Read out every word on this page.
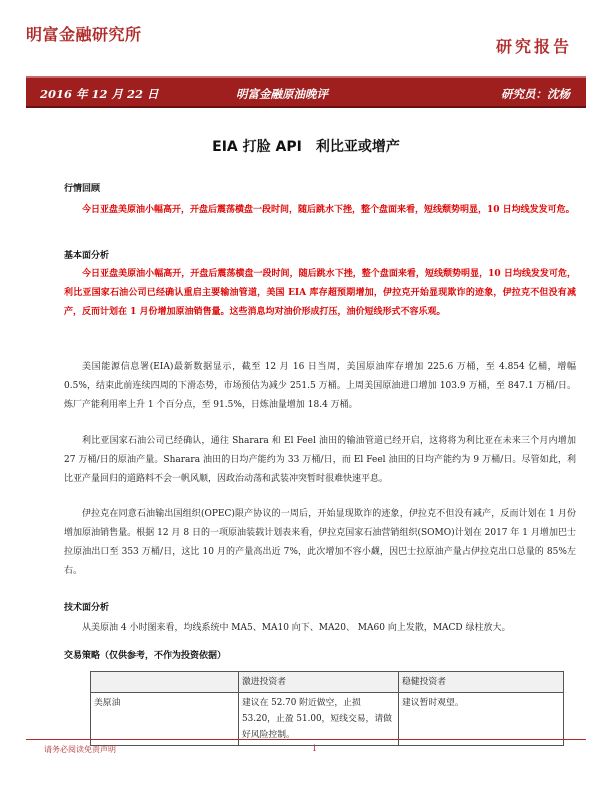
明富金融研究所
研究报告
2016 年 12 月 22 日	明富金融原油晚评	研究员：沈杨
EIA 打脸 API　利比亚或增产
行情回顾
今日亚盘美原油小幅高开，开盘后震荡横盘一段时间，随后跳水下挫，整个盘面来看，短线颓势明显，10 日均线发发可危。
基本面分析
今日亚盘美原油小幅高开，开盘后震荡横盘一段时间，随后跳水下挫，整个盘面来看，短线颓势明显，10 日均线发发可危，利比亚国家石油公司已经确认重启主要输油管道，美国 EIA 库存超预期增加，伊拉克开始显现欺诈的迹象，伊拉克不但没有减产，反而计划在 1 月份增加原油销售量。这些消息均对油价形成打压，油价短线形式不容乐观。
美国能源信息署(EIA)最新数据显示，截至 12 月 16 日当周，美国原油库存增加 225.6 万桶，至 4.854 亿桶，增幅 0.5%，结束此前连续四周的下滑态势，市场预估为减少 251.5 万桶。上周美国原油进口增加 103.9 万桶，至 847.1 万桶/日。炼厂产能利用率上升 1 个百分点，至 91.5%，日炼油量增加 18.4 万桶。
利比亚国家石油公司已经确认，通往 Sharara 和 El Feel 油田的输油管道已经开启，这将将为利比亚在未来三个月内增加 27 万桶/日的原油产量。Sharara 油田的日均产能约为 33 万桶/日，而 El Feel 油田的日均产能约为 9 万桶/日。尽管如此，利比亚产量回归的道路料不会一帆风顺，因政治动荡和武装冲突暂时很难快速平息。
伊拉克在同意石油输出国组织(OPEC)限产协议的一周后，开始显现欺诈的迹象，伊拉克不但没有减产，反而计划在 1 月份增加原油销售量。根据 12 月 8 日的一项原油装载计划表来看，伊拉克国家石油营销组织(SOMO)计划在 2017 年 1 月增加巴士拉原油出口至 353 万桶/日，这比 10 月的产量高出近 7%，此次增加不容小觑，因巴士拉原油产量占伊拉克出口总量的 85%左右。
技术面分析
从美原油 4 小时图来看，均线系统中 MA5、MA10 向下、MA20、 MA60 向上发散，MACD 绿柱放大。
交易策略（仅供参考，不作为投资依据）
	激进投资者	稳健投资者
美原油	建议在 52.70 附近做空，止损 53.20，止盈 51.00，短线交易，请做好风险控制。	建议暂时观望。
请务必阅读免责声明	1
